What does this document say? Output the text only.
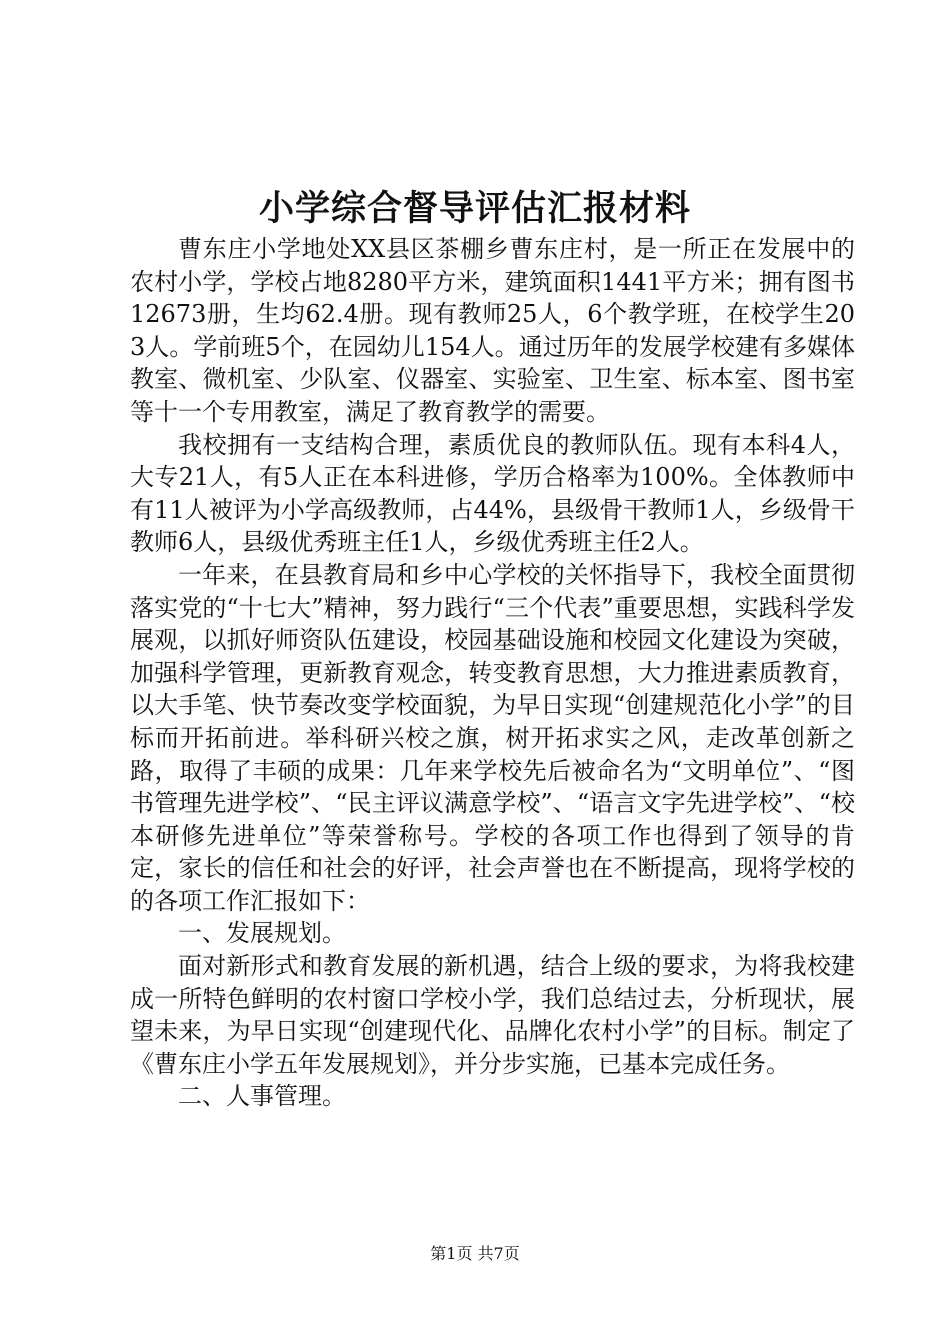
小学综合督导评估汇报材料

曹东庄小学地处XX县区茶棚乡曹东庄村，是一所正在发展中的农村小学，学校占地8280平方米，建筑面积1441平方米；拥有图书12673册，生均62.4册。现有教师25人，6个教学班，在校学生203人。学前班5个，在园幼儿154人。通过历年的发展学校建有多媒体教室、微机室、少队室、仪器室、实验室、卫生室、标本室、图书室等十一个专用教室，满足了教育教学的需要。

我校拥有一支结构合理，素质优良的教师队伍。现有本科4人，大专21人，有5人正在本科进修，学历合格率为100%。全体教师中有11人被评为小学高级教师，占44%，县级骨干教师1人，乡级骨干教师6人，县级优秀班主任1人，乡级优秀班主任2人。

一年来，在县教育局和乡中心学校的关怀指导下，我校全面贯彻落实党的“十七大”精神，努力践行“三个代表”重要思想，实践科学发展观，以抓好师资队伍建设，校园基础设施和校园文化建设为突破，加强科学管理，更新教育观念，转变教育思想，大力推进素质教育，以大手笔、快节奏改变学校面貌，为早日实现“创建规范化小学”的目标而开拓前进。举科研兴校之旗，树开拓求实之风，走改革创新之路，取得了丰硕的成果：几年来学校先后被命名为“文明单位”、“图书管理先进学校”、“民主评议满意学校”、“语言文字先进学校”、“校本研修先进单位”等荣誉称号。学校的各项工作也得到了领导的肯定，家长的信任和社会的好评，社会声誉也在不断提高，现将学校的的各项工作汇报如下：

一、发展规划。

面对新形式和教育发展的新机遇，结合上级的要求，为将我校建成一所特色鲜明的农村窗口学校小学，我们总结过去，分析现状，展望未来，为早日实现“创建现代化、品牌化农村小学”的目标。制定了《曹东庄小学五年发展规划》，并分步实施，已基本完成任务。

二、人事管理。

第1页 共7页
